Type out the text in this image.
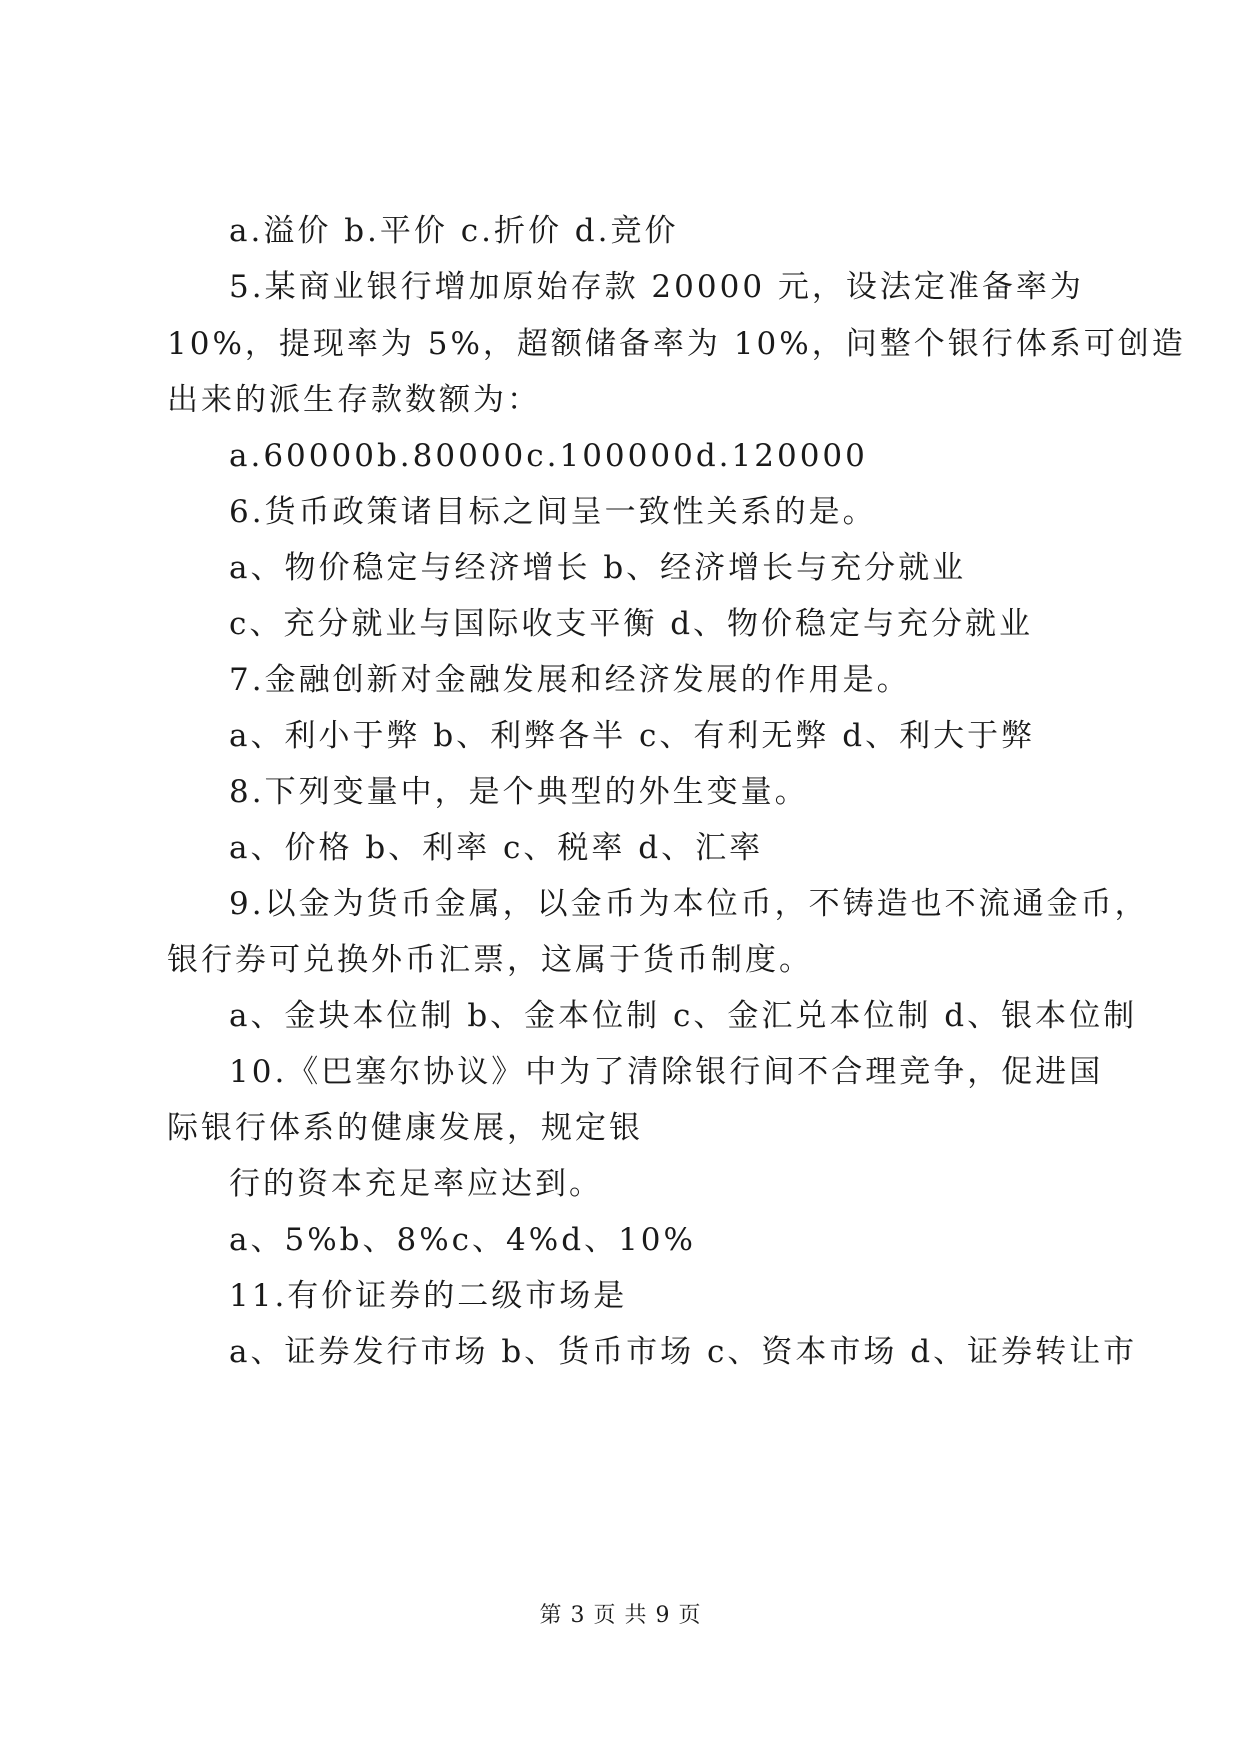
a.溢价 b.平价 c.折价 d.竞价
5.某商业银行增加原始存款 20000 元，设法定准备率为
10%，提现率为 5%，超额储备率为 10%，问整个银行体系可创造
出来的派生存款数额为：
a.60000b.80000c.100000d.120000
6.货币政策诸目标之间呈一致性关系的是。
a、物价稳定与经济增长 b、经济增长与充分就业
c、充分就业与国际收支平衡 d、物价稳定与充分就业
7.金融创新对金融发展和经济发展的作用是。
a、利小于弊 b、利弊各半 c、有利无弊 d、利大于弊
8.下列变量中，是个典型的外生变量。
a、价格 b、利率 c、税率 d、汇率
9.以金为货币金属，以金币为本位币，不铸造也不流通金币，
银行券可兑换外币汇票，这属于货币制度。
a、金块本位制 b、金本位制 c、金汇兑本位制 d、银本位制
10.《巴塞尔协议》中为了清除银行间不合理竞争，促进国
际银行体系的健康发展，规定银
行的资本充足率应达到。
a、5%b、8%c、4%d、10%
11.有价证券的二级市场是
a、证券发行市场 b、货币市场 c、资本市场 d、证券转让市
第 3 页 共 9 页
